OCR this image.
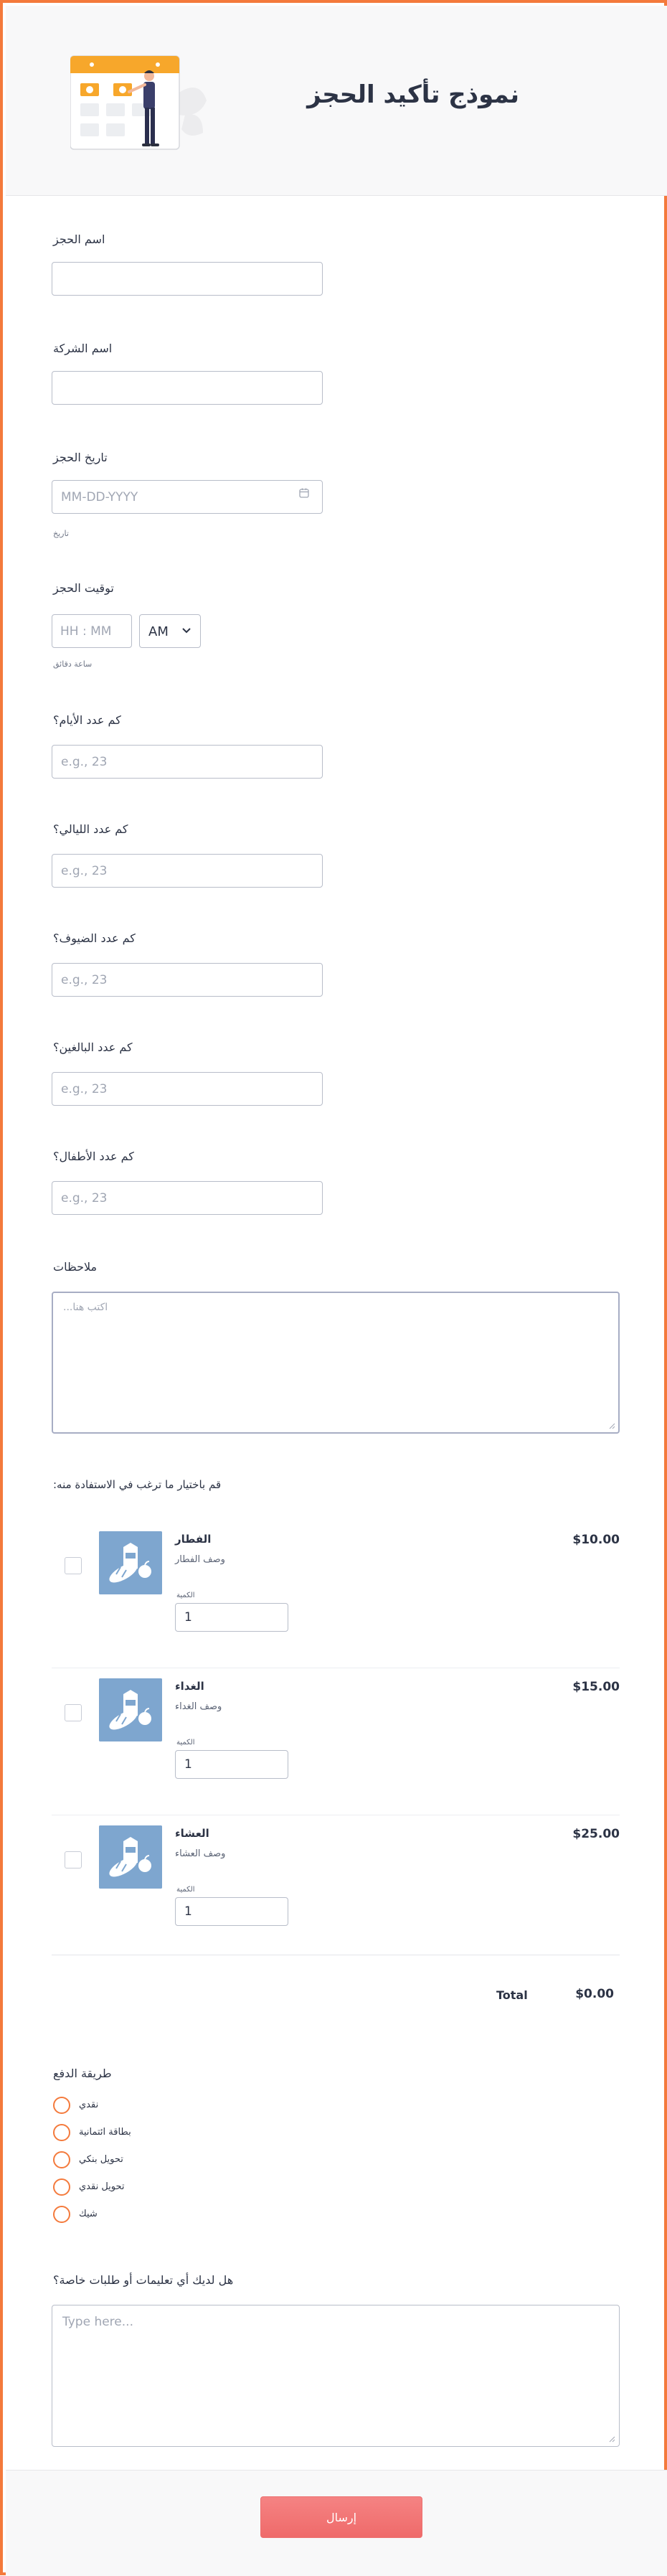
نموذج تأكيد الحجز
اسم الحجز
اسم الشركة
تاريخ الحجز
MM-DD-YYYY
تاريخ
توقيت الحجز
HH : MM
AM
ساعة دقائق
كم عدد الأيام؟
e.g., 23
كم عدد الليالي؟
e.g., 23
كم عدد الضيوف؟
e.g., 23
كم عدد البالغين؟
e.g., 23
كم عدد الأطفال؟
e.g., 23
ملاحظات
اكتب هنا...
قم باختيار ما ترغب في الاستفادة منه:
الفطار
وصف الفطار
الكمية
1
$10.00
الغداء
وصف الغداء
الكمية
1
$15.00
العشاء
وصف العشاء
الكمية
1
$25.00
Total	$0.00
طريقة الدفع
نقدي
بطاقة ائتمانية
تحويل بنكي
تحويل نقدي
شيك
هل لديك أي تعليمات أو طلبات خاصة؟
Type here...
إرسال
